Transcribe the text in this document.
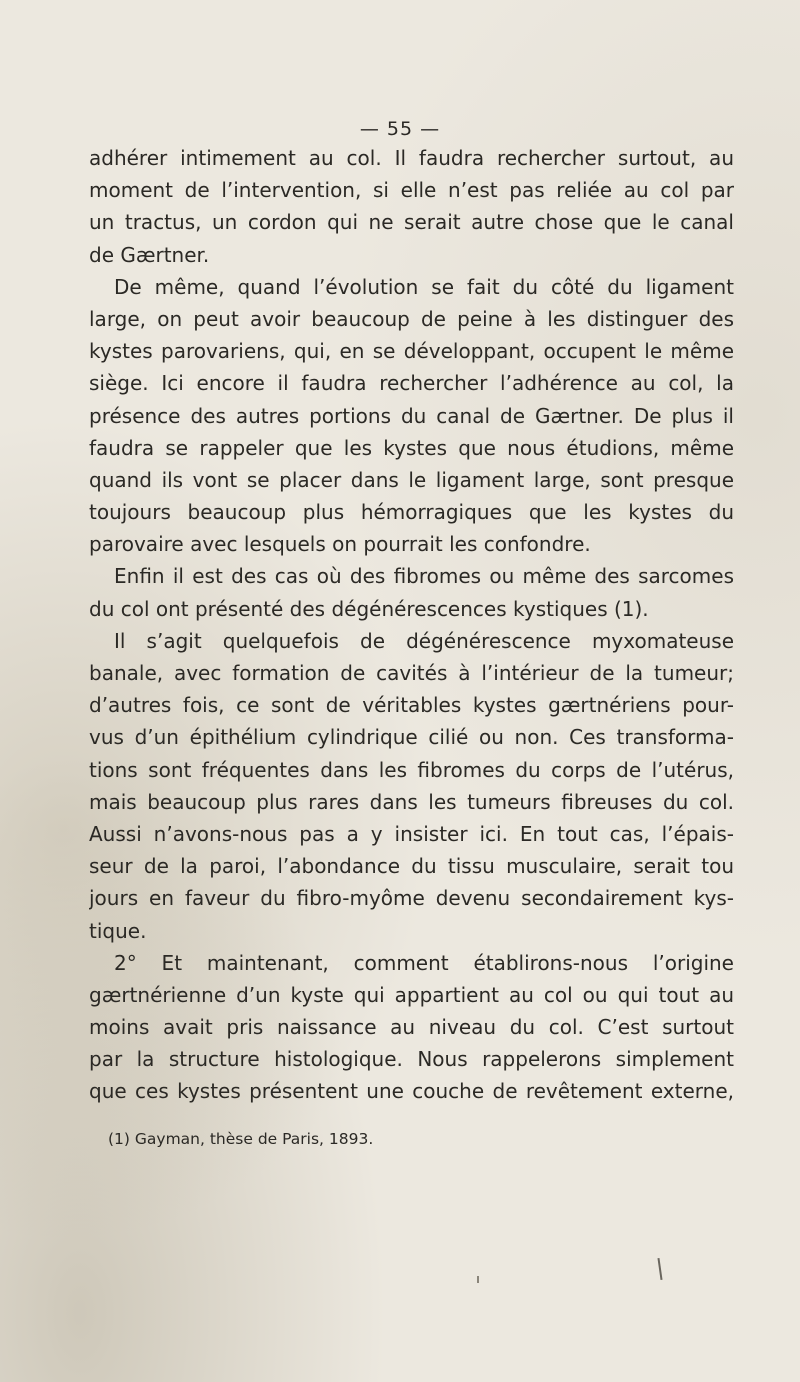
— 55 —
adhérer intimement au col. Il faudra rechercher surtout, au
moment de l’intervention, si elle n’est pas reliée au col par
un tractus, un cordon qui ne serait autre chose que le canal
de Gærtner.
De même, quand l’évolution se fait du côté du ligament
large, on peut avoir beaucoup de peine à les distinguer des
kystes parovariens, qui, en se développant, occupent le même
siège. Ici encore il faudra rechercher l’adhérence au col, la
présence des autres portions du canal de Gærtner. De plus il
faudra se rappeler que les kystes que nous étudions, même
quand ils vont se placer dans le ligament large, sont presque
toujours beaucoup plus hémorragiques que les kystes du
parovaire avec lesquels on pourrait les confondre.
Enfin il est des cas où des fibromes ou même des sarcomes
du col ont présenté des dégénérescences kystiques (1).
Il s’agit quelquefois de dégénérescence myxomateuse
banale, avec formation de cavités à l’intérieur de la tumeur;
d’autres fois, ce sont de véritables kystes gærtnériens pour-
vus d’un épithélium cylindrique cilié ou non. Ces transforma-
tions sont fréquentes dans les fibromes du corps de l’utérus,
mais beaucoup plus rares dans les tumeurs fibreuses du col.
Aussi n’avons-nous pas a y insister ici. En tout cas, l’épais-
seur de la paroi, l’abondance du tissu musculaire, serait tou
jours en faveur du fibro-myôme devenu secondairement kys-
tique.
2° Et maintenant, comment établirons-nous l’origine
gærtnérienne d’un kyste qui appartient au col ou qui tout au
moins avait pris naissance au niveau du col. C’est surtout
par la structure histologique. Nous rappelerons simplement
que ces kystes présentent une couche de revêtement externe,
(1) Gayman, thèse de Paris, 1893.
